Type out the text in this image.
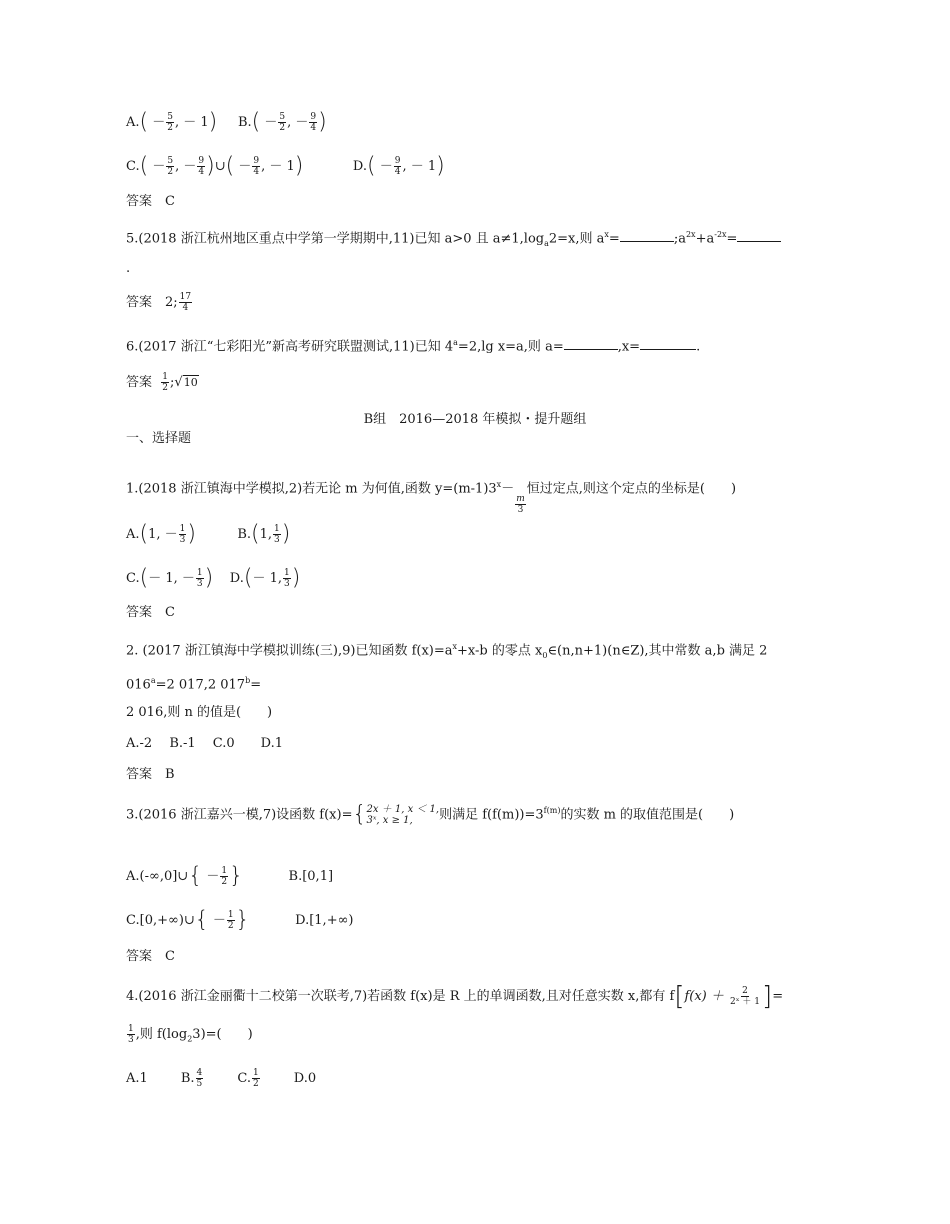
$A.( - \frac{5}{2}$ , － 1) $B.( - \frac{5}{2}$ , － $\frac{9}{4}$ )
$C.( - \frac{5}{2}$ , － $\frac{9}{4}$ )∪( － $\frac{9}{4}$ , － 1)	$D.( - \frac{9}{4}$ , － 1)
答案　C
5.(2018 浙江杭州地区重点中学第一学期期中,11)已知 a>0 且 $a\ne 1,\log_a2=x$,则 $a^x=$	$;a^{2x}+a^{-2x}=$
.
答案　2; $\frac{17}{4}$
6.(2017 浙江“七彩阳光”新高考研究联盟测试,11)已知 $4^a=2,\lg$ x=a,则 a=	,x=	.
答案 $\frac{1}{2}$ ;√10
B组　2016—2018 年模拟・提升题组
一、选择题
1.(2018 浙江镇海中学模拟,2)若无论 m 为何值,函数 $y=(m-1)3^x-$
$\frac{m}{3}$
恒过定点,则这个定点的坐标是(　　)
A.(1, － $\frac{1}{3}$ )	B.(1, $\frac{1}{3}$ )
C.(－ 1, － $\frac{1}{3}$ ) D.(－ 1, $\frac{1}{3}$ )
答案　C
2. (2017 浙江镇海中学模拟训练(三),9)已知函数 $f(x)=a^x+x-b$ 的零点 $x_0\in(n,n+1)(n\in Z)$,其中常数 a,b 满足 2
$016^a=2$ 017,2 $017^b=$
2 016,则 n 的值是(　　)
A.-2　 B.-1　 C.0　　D.1
答案　B
3.(2016 浙江嘉兴一模,7)设函数 f(x)= { 2x ＋ 1, x ＜ 1,
3ˣ, x ≥ 1,	则满足 $f(f(m))=3^{f(m)}$的实数 m 的取值范围是(　　)
A.(-∞,0]∪{ － $\frac{1}{2}$ }	B.[0,1]
C.[0,+∞)∪{ － $\frac{1}{2}$ }	D.[1,+∞)
答案　C
4.(2016 浙江金丽衢十二校第一次联考,7)若函数 f(x)是 R 上的单调函数,且对任意实数 x,都有 $f[f(x) + \frac{2}{\text{2ˣ ＋ 1}}$ ]=
$\frac{1}{3}$ ,则 $f(\log_23)=$(　　)
A.1	B. $\frac{4}{5}$	C. $\frac{1}{2}$	D.0
